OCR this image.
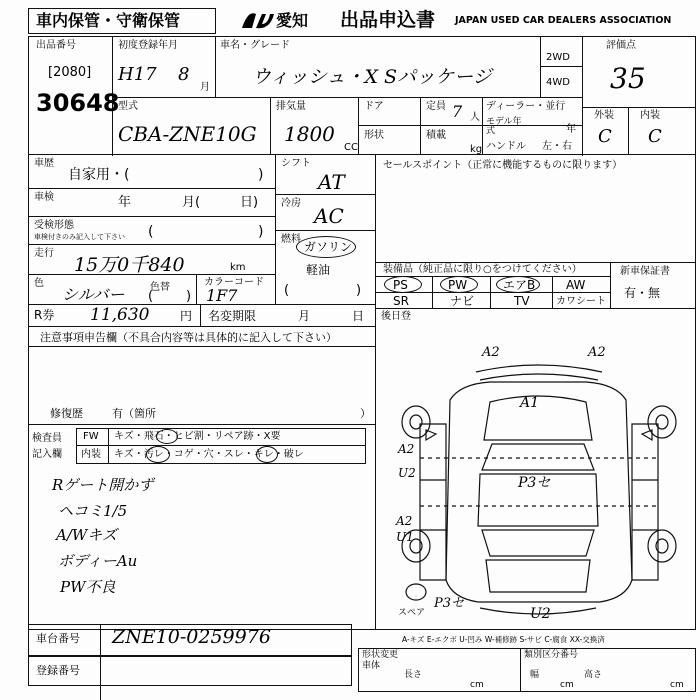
車内保管・守衛保管	愛知 出品申込書 JAPAN USED CAR DEALERS ASSOCIATION
出品番号
[2080]
30648
初度登録年月
H17 8
月
車名・グレード
ウィッシュ・X Sパッケージ
2WD
4WD
評価点
35
外装	内装
C C
型式
CBA-ZNE10G
排気量
1800
CC
ドア
形状
定員 7 人
積載
kg
ディーラー・並行
モデル年式	年
ハンドル 左・右
車歴
自家用・(	)
車検	年	月(	日)
受検形態
車検付きのみ記入して下さい (	)
走行
15万0千840	km
色
シルバー	色替
(	)
カラーコード
1F7
シフト
AT
冷房
AC
燃料
ガソリン
軽油
(	)
セールスポイント（正常に機能するものに限ります）
装備品（純正品に限り○をつけてください）
PS	PW	エアB	AW
SR	ナビ	TV	カワシート
新車保証書
有・無
R券 11,630	円 名変期限	月	日 後日登
注意事項申告欄（不具合内容等は具体的に記入して下さい）
修復歴	有（箇所	）
検査員
記入欄
FW キズ・飛石・ヒビ割・リペア跡・X要
内装 キズ・汚レ・コゲ・穴・スレ・キレ・破レ
Rゲート開かず
ヘコミ1/5
A/Wキズ
ボディーAu
PW不良
A2	A2
A1
A2
U2
A2
U1
P3セ
P3セ
U2
スペア
A-キズ E-エクボ U-凹み W-補修跡 S-サビ C-腐食 XX-交換済
車台番号 ZNE10-0259976
登録番号
形状変更
車体
類別区分番号
長さ	幅	高さ
cm	cm	cm
